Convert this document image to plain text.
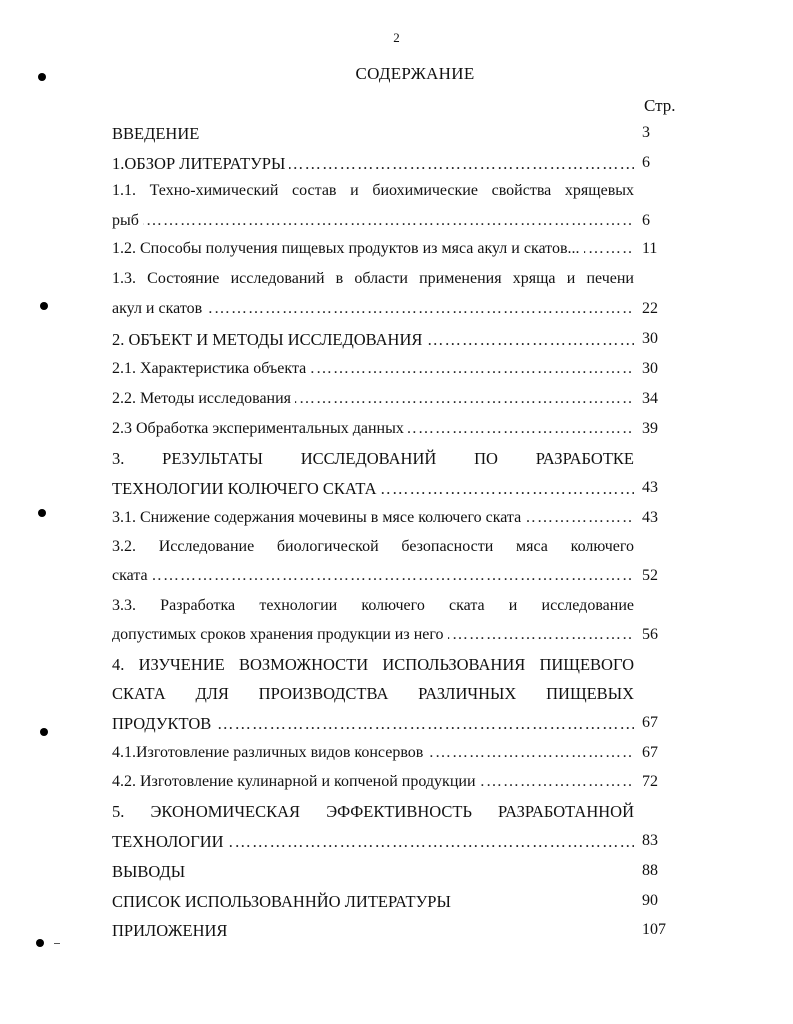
2
СОДЕРЖАНИЕ
Стр.
ВВЕДЕНИЕ	3
1.ОБЗОР ЛИТЕРАТУРЫ …………………………………………………………………………………………………………………………………………………………………	6
1.1. Техно-химический состав и биохимические свойства хрящевых
рыб …………………………………………………………………………………………………………………………………………………………………	6
1.2. Способы получения пищевых продуктов из мяса акул и скатов... …………………………………………………………………………………………………………………………………………………………………	11
1.3. Состояние исследований в области применения хряща и печени
акул и скатов …………………………………………………………………………………………………………………………………………………………………	22
2. ОБЪЕКТ И МЕТОДЫ ИССЛЕДОВАНИЯ …………………………………………………………………………………………………………………………………………………………………	30
2.1. Характеристика объекта …………………………………………………………………………………………………………………………………………………………………	30
2.2. Методы исследования …………………………………………………………………………………………………………………………………………………………………	34
2.3 Обработка экспериментальных данных …………………………………………………………………………………………………………………………………………………………………	39
3. РЕЗУЛЬТАТЫ ИССЛЕДОВАНИЙ ПО РАЗРАБОТКЕ
ТЕХНОЛОГИИ КОЛЮЧЕГО СКАТА …………………………………………………………………………………………………………………………………………………………………	43
3.1. Снижение содержания мочевины в мясе колючего ската …………………………………………………………………………………………………………………………………………………………………	43
3.2. Исследование биологической безопасности мяса колючего
ската …………………………………………………………………………………………………………………………………………………………………	52
3.3. Разработка технологии колючего ската и исследование
допустимых сроков хранения продукции из него …………………………………………………………………………………………………………………………………………………………………	56
4. ИЗУЧЕНИЕ ВОЗМОЖНОСТИ ИСПОЛЬЗОВАНИЯ ПИЩЕВОГО
СКАТА ДЛЯ ПРОИЗВОДСТВА РАЗЛИЧНЫХ ПИЩЕВЫХ
ПРОДУКТОВ …………………………………………………………………………………………………………………………………………………………………	67
4.1.Изготовление различных видов консервов …………………………………………………………………………………………………………………………………………………………………	67
4.2. Изготовление кулинарной и копченой продукции …………………………………………………………………………………………………………………………………………………………………	72
5. ЭКОНОМИЧЕСКАЯ ЭФФЕКТИВНОСТЬ РАЗРАБОТАННОЙ
ТЕХНОЛОГИИ …………………………………………………………………………………………………………………………………………………………………	83
ВЫВОДЫ	88
СПИСОК ИСПОЛЬЗОВАННЙО ЛИТЕРАТУРЫ	90
ПРИЛОЖЕНИЯ	107
